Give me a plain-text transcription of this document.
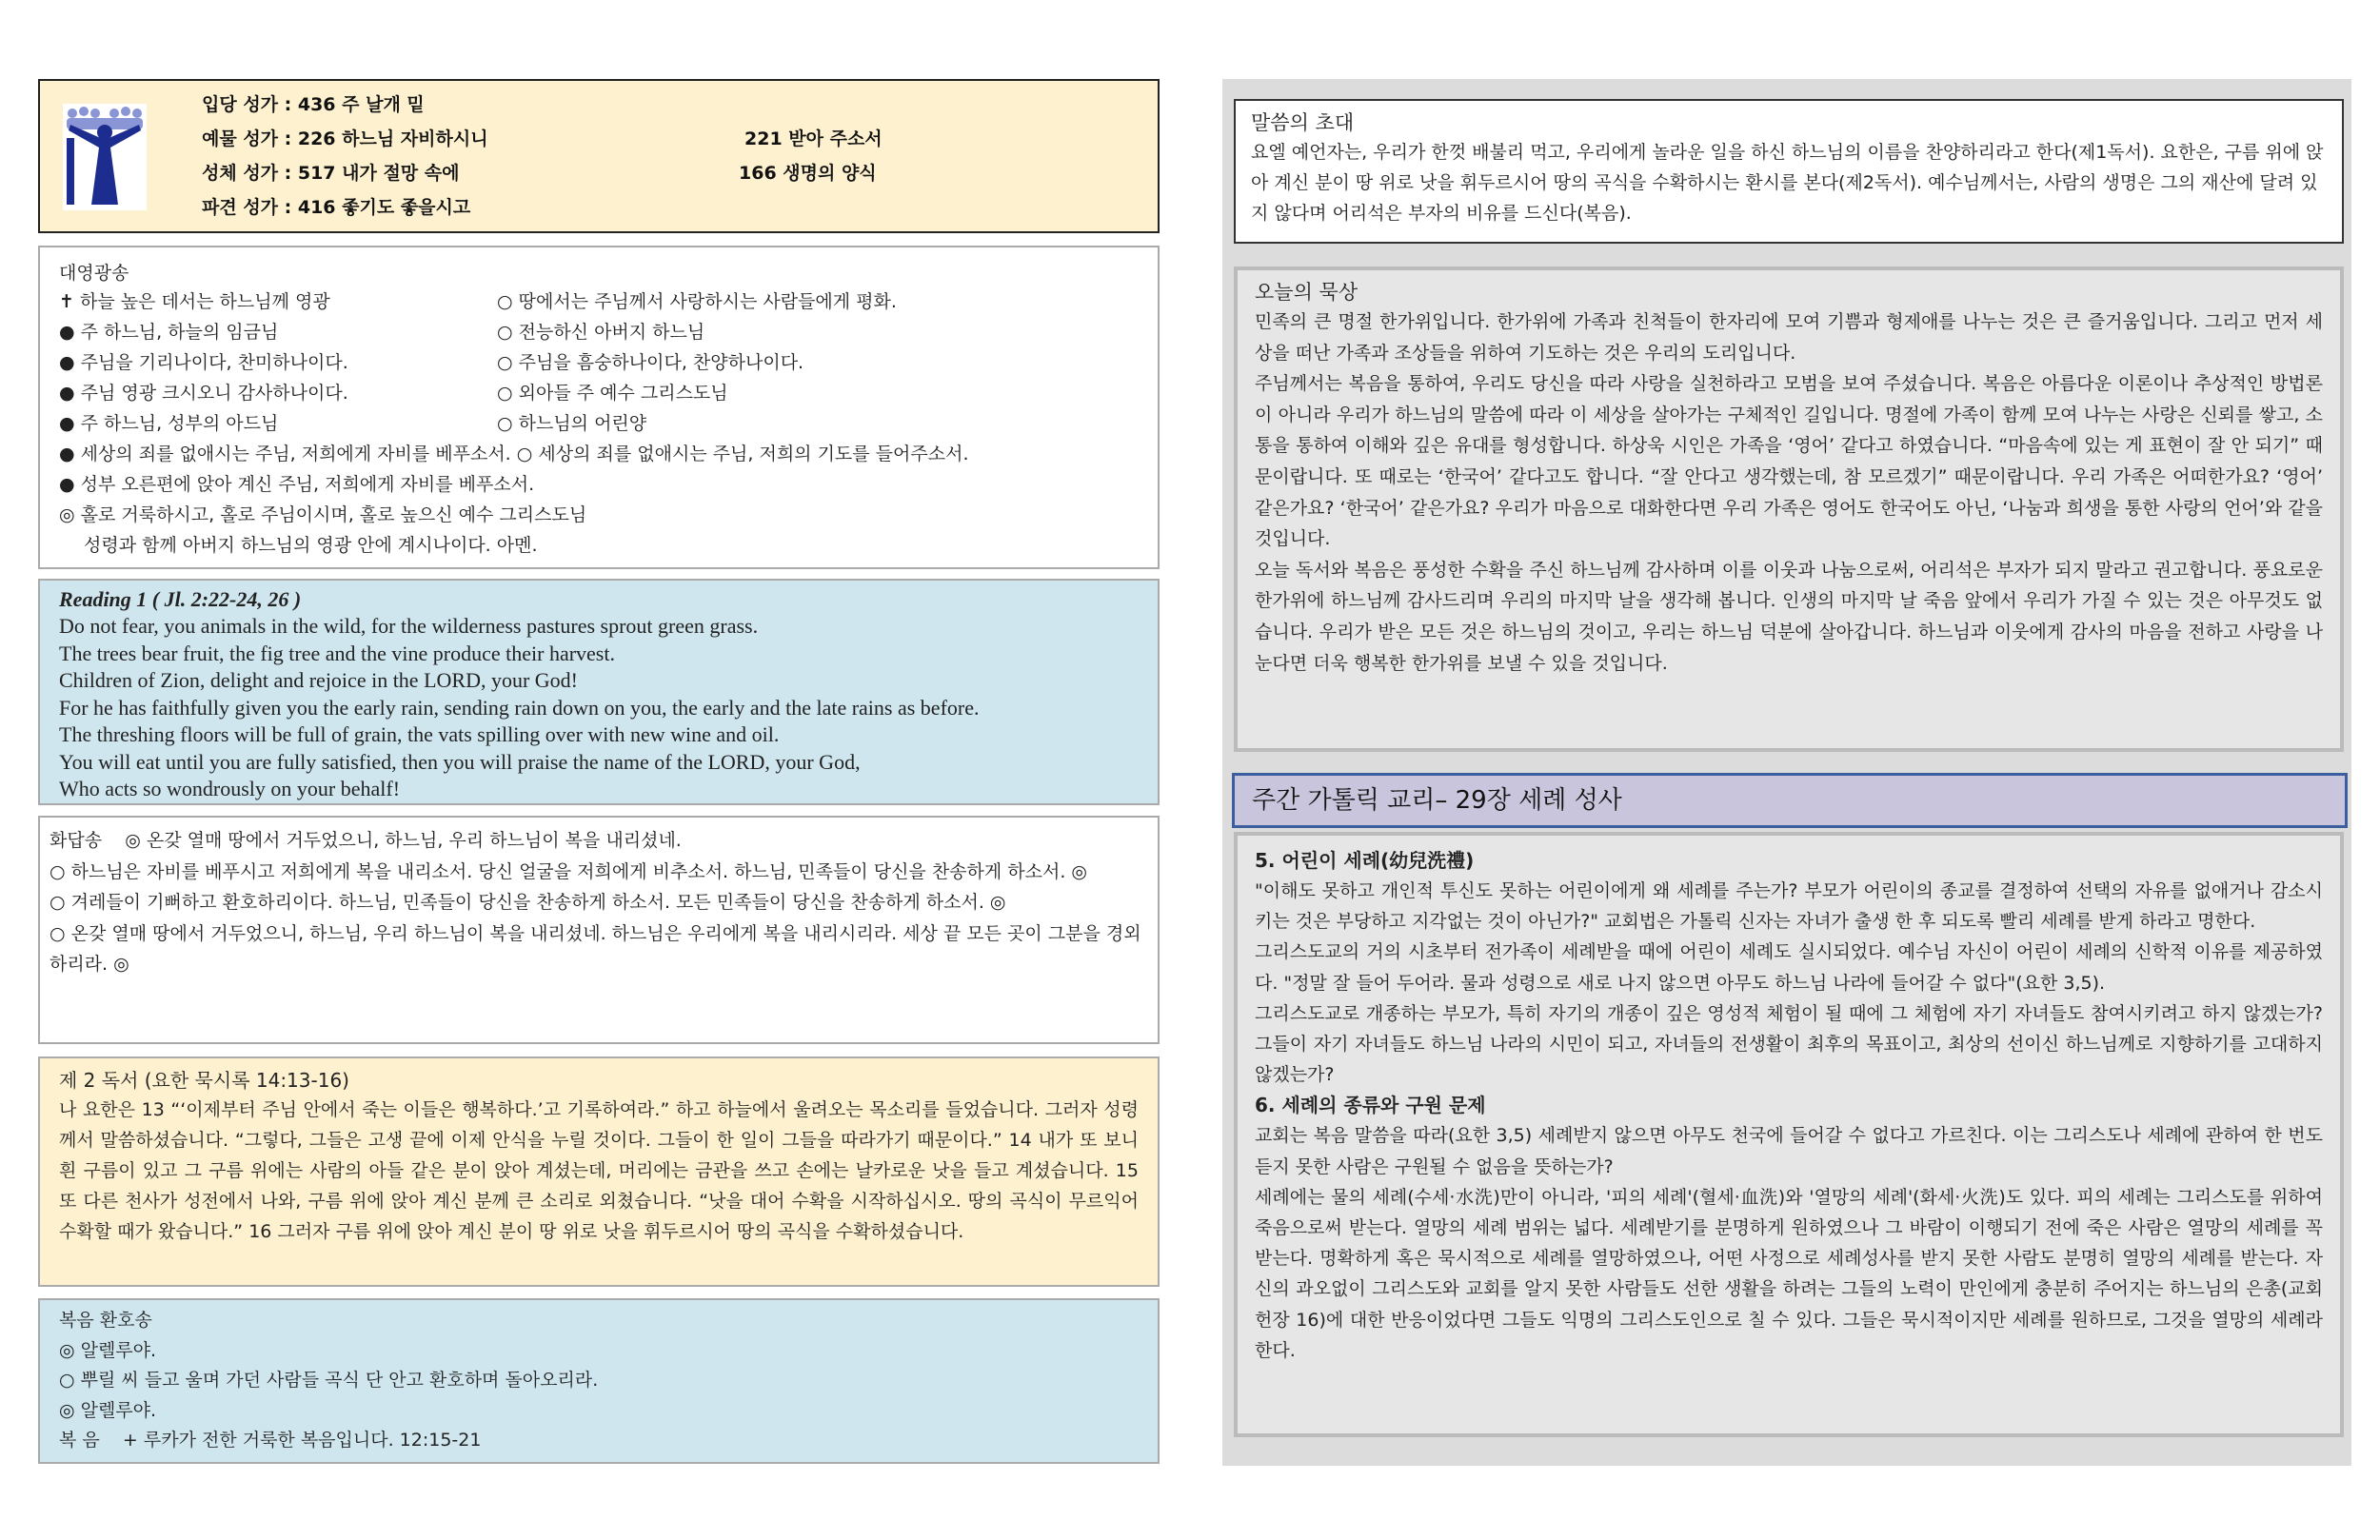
입당 성가 : 436 주 날개 밑
예물 성가 : 226 하느님 자비하시니	221 받아 주소서
성체 성가 : 517 내가 절망 속에	166 생명의 양식
파견 성가 : 416 좋기도 좋을시고
대영광송
✝ 하늘 높은 데서는 하느님께 영광	○ 땅에서는 주님께서 사랑하시는 사람들에게 평화.
● 주 하느님, 하늘의 임금님	○ 전능하신 아버지 하느님
● 주님을 기리나이다, 찬미하나이다.	○ 주님을 흠숭하나이다, 찬양하나이다.
● 주님 영광 크시오니 감사하나이다.	○ 외아들 주 예수 그리스도님
● 주 하느님, 성부의 아드님	○ 하느님의 어린양
● 세상의 죄를 없애시는 주님, 저희에게 자비를 베푸소서. ○ 세상의 죄를 없애시는 주님, 저희의 기도를 들어주소서.
● 성부 오른편에 앉아 계신 주님, 저희에게 자비를 베푸소서.
◎ 홀로 거룩하시고, 홀로 주님이시며, 홀로 높으신 예수 그리스도님
성령과 함께 아버지 하느님의 영광 안에 계시나이다. 아멘.
Reading 1 ( Jl. 2:22-24, 26 )
Do not fear, you animals in the wild, for the wilderness pastures sprout green grass.
The trees bear fruit, the fig tree and the vine produce their harvest.
Children of Zion, delight and rejoice in the LORD, your God!
For he has faithfully given you the early rain, sending rain down on you, the early and the late rains as before.
The threshing floors will be full of grain, the vats spilling over with new wine and oil.
You will eat until you are fully satisfied, then you will praise the name of the LORD, your God,
Who acts so wondrously on your behalf!
화답송 ◎ 온갖 열매 땅에서 거두었으니, 하느님, 우리 하느님이 복을 내리셨네.
○ 하느님은 자비를 베푸시고 저희에게 복을 내리소서. 당신 얼굴을 저희에게 비추소서. 하느님, 민족들이 당신을 찬송하게 하소서. ◎
○ 겨레들이 기뻐하고 환호하리이다. 하느님, 민족들이 당신을 찬송하게 하소서. 모든 민족들이 당신을 찬송하게 하소서. ◎
○ 온갖 열매 땅에서 거두었으니, 하느님, 우리 하느님이 복을 내리셨네. 하느님은 우리에게 복을 내리시리라. 세상 끝 모든 곳이 그분을 경외하리라. ◎
제 2 독서 (요한 묵시록 14:13-16)
나 요한은 13 “‘이제부터 주님 안에서 죽는 이들은 행복하다.’고 기록하여라.” 하고 하늘에서 울려오는 목소리를 들었습니다. 그러자 성령께서 말씀하셨습니다. “그렇다, 그들은 고생 끝에 이제 안식을 누릴 것이다. 그들이 한 일이 그들을 따라가기 때문이다.” 14 내가 또 보니 흰 구름이 있고 그 구름 위에는 사람의 아들 같은 분이 앉아 계셨는데, 머리에는 금관을 쓰고 손에는 날카로운 낫을 들고 계셨습니다. 15 또 다른 천사가 성전에서 나와, 구름 위에 앉아 계신 분께 큰 소리로 외쳤습니다. “낫을 대어 수확을 시작하십시오. 땅의 곡식이 무르익어 수확할 때가 왔습니다.” 16 그러자 구름 위에 앉아 계신 분이 땅 위로 낫을 휘두르시어 땅의 곡식을 수확하셨습니다.
복음 환호송
◎ 알렐루야.
○ 뿌릴 씨 들고 울며 가던 사람들 곡식 단 안고 환호하며 돌아오리라.
◎ 알렐루야.
복 음    + 루카가 전한 거룩한 복음입니다. 12:15-21
말씀의 초대
요엘 예언자는, 우리가 한껏 배불리 먹고, 우리에게 놀라운 일을 하신 하느님의 이름을 찬양하리라고 한다(제1독서). 요한은, 구름 위에 앉아 계신 분이 땅 위로 낫을 휘두르시어 땅의 곡식을 수확하시는 환시를 본다(제2독서). 예수님께서는, 사람의 생명은 그의 재산에 달려 있지 않다며 어리석은 부자의 비유를 드신다(복음).
오늘의 묵상
민족의 큰 명절 한가위입니다. 한가위에 가족과 친척들이 한자리에 모여 기쁨과 형제애를 나누는 것은 큰 즐거움입니다. 그리고 먼저 세상을 떠난 가족과 조상들을 위하여 기도하는 것은 우리의 도리입니다.
주님께서는 복음을 통하여, 우리도 당신을 따라 사랑을 실천하라고 모범을 보여 주셨습니다. 복음은 아름다운 이론이나 추상적인 방법론이 아니라 우리가 하느님의 말씀에 따라 이 세상을 살아가는 구체적인 길입니다. 명절에 가족이 함께 모여 나누는 사랑은 신뢰를 쌓고, 소통을 통하여 이해와 깊은 유대를 형성합니다. 하상욱 시인은 가족을 ‘영어’ 같다고 하였습니다. “마음속에 있는 게 표현이 잘 안 되기” 때문이랍니다. 또 때로는 ‘한국어’ 같다고도 합니다. “잘 안다고 생각했는데, 참 모르겠기” 때문이랍니다. 우리 가족은 어떠한가요? ‘영어’ 같은가요? ‘한국어’ 같은가요? 우리가 마음으로 대화한다면 우리 가족은 영어도 한국어도 아닌, ‘나눔과 희생을 통한 사랑의 언어’와 같을 것입니다.
오늘 독서와 복음은 풍성한 수확을 주신 하느님께 감사하며 이를 이웃과 나눔으로써, 어리석은 부자가 되지 말라고 권고합니다. 풍요로운 한가위에 하느님께 감사드리며 우리의 마지막 날을 생각해 봅니다. 인생의 마지막 날 죽음 앞에서 우리가 가질 수 있는 것은 아무것도 없습니다. 우리가 받은 모든 것은 하느님의 것이고, 우리는 하느님 덕분에 살아갑니다. 하느님과 이웃에게 감사의 마음을 전하고 사랑을 나눈다면 더욱 행복한 한가위를 보낼 수 있을 것입니다.
주간 가톨릭 교리– 29장 세례 성사
5. 어린이 세례(幼兒洗禮)
"이해도 못하고 개인적 투신도 못하는 어린이에게 왜 세례를 주는가? 부모가 어린이의 종교를 결정하여 선택의 자유를 없애거나 감소시키는 것은 부당하고 지각없는 것이 아닌가?" 교회법은 가톨릭 신자는 자녀가 출생 한 후 되도록 빨리 세례를 받게 하라고 명한다.
그리스도교의 거의 시초부터 전가족이 세례받을 때에 어린이 세례도 실시되었다. 예수님 자신이 어린이 세례의 신학적 이유를 제공하였다. "정말 잘 들어 두어라. 물과 성령으로 새로 나지 않으면 아무도 하느님 나라에 들어갈 수 없다"(요한 3,5).
그리스도교로 개종하는 부모가, 특히 자기의 개종이 깊은 영성적 체험이 될 때에 그 체험에 자기 자녀들도 참여시키려고 하지 않겠는가? 그들이 자기 자녀들도 하느님 나라의 시민이 되고, 자녀들의 전생활이 최후의 목표이고, 최상의 선이신 하느님께로 지향하기를 고대하지 않겠는가?
6. 세례의 종류와 구원 문제
교회는 복음 말씀을 따라(요한 3,5) 세례받지 않으면 아무도 천국에 들어갈 수 없다고 가르친다. 이는 그리스도나 세례에 관하여 한 번도 듣지 못한 사람은 구원될 수 없음을 뜻하는가?
세례에는 물의 세례(수세·水洗)만이 아니라, '피의 세례'(혈세·血洗)와 '열망의 세례'(화세·火洗)도 있다. 피의 세례는 그리스도를 위하여 죽음으로써 받는다. 열망의 세례 범위는 넓다. 세례받기를 분명하게 원하였으나 그 바람이 이행되기 전에 죽은 사람은 열망의 세례를 꼭 받는다. 명확하게 혹은 묵시적으로 세례를 열망하였으나, 어떤 사정으로 세례성사를 받지 못한 사람도 분명히 열망의 세례를 받는다. 자신의 과오없이 그리스도와 교회를 알지 못한 사람들도 선한 생활을 하려는 그들의 노력이 만인에게 충분히 주어지는 하느님의 은총(교회헌장 16)에 대한 반응이었다면 그들도 익명의 그리스도인으로 칠 수 있다. 그들은 묵시적이지만 세례를 원하므로, 그것을 열망의 세례라 한다.
